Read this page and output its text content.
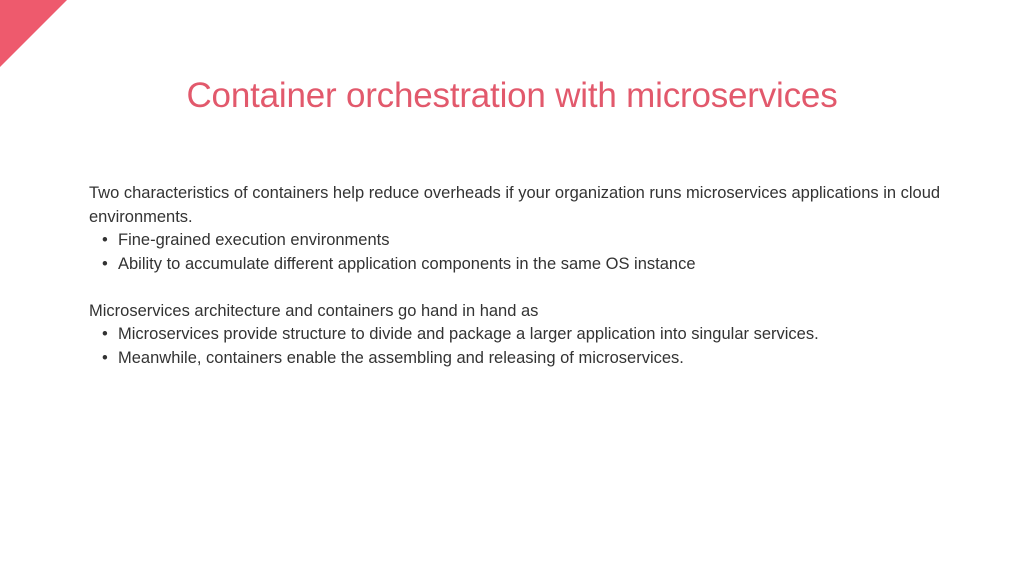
Container orchestration with microservices

Two characteristics of containers help reduce overheads if your organization runs microservices applications in cloud environments.

• Fine-grained execution environments
• Ability to accumulate different application components in the same OS instance

Microservices architecture and containers go hand in hand as

• Microservices provide structure to divide and package a larger application into singular services.
• Meanwhile, containers enable the assembling and releasing of microservices.
